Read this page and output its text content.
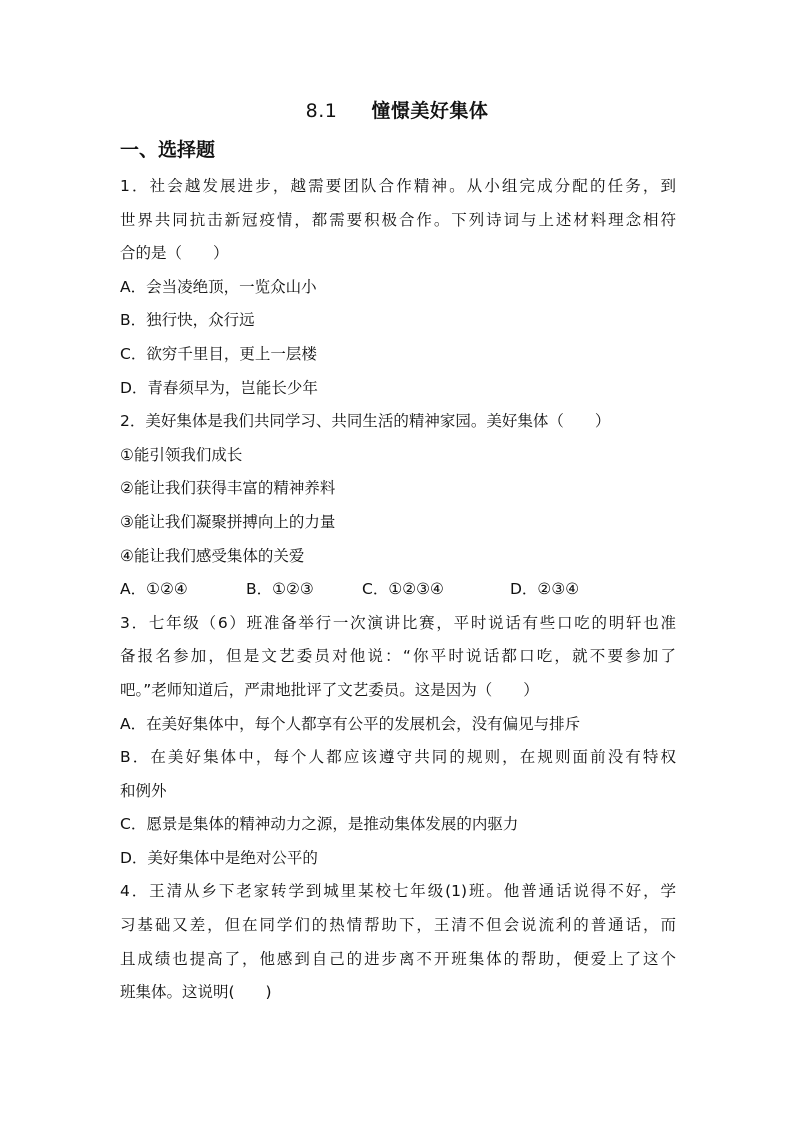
8.1 憧憬美好集体
一、选择题
1．社会越发展进步，越需要团队合作精神。从小组完成分配的任务，到
世界共同抗击新冠疫情，都需要积极合作。下列诗词与上述材料理念相符
合的是（　　）
A．会当凌绝顶，一览众山小
B．独行快，众行远
C．欲穷千里目，更上一层楼
D．青春须早为，岂能长少年
2．美好集体是我们共同学习、共同生活的精神家园。美好集体（　　）
①能引领我们成长
②能让我们获得丰富的精神养料
③能让我们凝聚拼搏向上的力量
④能让我们感受集体的关爱
A．①②④	B．①②③	C．①②③④	D．②③④
3．七年级（6）班准备举行一次演讲比赛，平时说话有些口吃的明轩也准
备报名参加，但是文艺委员对他说：“你平时说话都口吃，就不要参加了
吧。”老师知道后，严肃地批评了文艺委员。这是因为（　　）
A．在美好集体中，每个人都享有公平的发展机会，没有偏见与排斥
B．在美好集体中，每个人都应该遵守共同的规则，在规则面前没有特权
和例外
C．愿景是集体的精神动力之源，是推动集体发展的内驱力
D．美好集体中是绝对公平的
4．王清从乡下老家转学到城里某校七年级(1)班。他普通话说得不好，学
习基础又差，但在同学们的热情帮助下，王清不但会说流利的普通话，而
且成绩也提高了，他感到自己的进步离不开班集体的帮助，便爱上了这个
班集体。这说明(　　)
